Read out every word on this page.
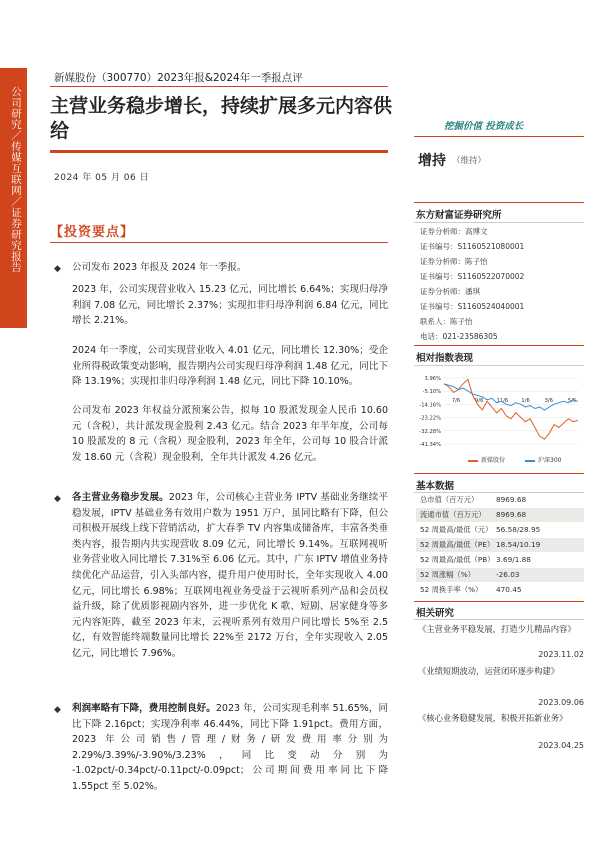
公司研究／传媒互联网／证券研究报告
新媒股份（300770）2023年报&2024年一季报点评
主营业务稳步增长，持续扩展多元内容供给
2024 年 05 月 06 日
【投资要点】
◆ 公司发布 2023 年报及 2024 年一季报。
2023 年，公司实现营业收入 15.23 亿元，同比增长 6.64%；实现归母净利润 7.08 亿元，同比增长 2.37%；实现扣非归母净利润 6.84 亿元，同比增长 2.21%。
2024 年一季度，公司实现营业收入 4.01 亿元，同比增长 12.30%；受企业所得税政策变动影响，报告期内公司实现归母净利润 1.48 亿元，同比下降 13.19%；实现扣非归母净利润 1.48 亿元，同比下降 10.10%。
公司发布 2023 年权益分派预案公告，拟每 10 股派发现金人民币 10.60 元（含税），共计派发现金股利 2.43 亿元。结合 2023 年半年度，公司每 10 股派发的 8 元（含税）现金股利，2023 年全年，公司每 10 股合计派发 18.60 元（含税）现金股利，全年共计派发 4.26 亿元。
◆ 各主营业务稳步发展。2023 年，公司核心主营业务 IPTV 基础业务继续平稳发展，IPTV 基础业务有效用户数为 1951 万户，虽同比略有下降，但公司积极开展线上线下营销活动，扩大春季 TV 内容集成储备库，丰富各类垂类内容，报告期内共实现营收 8.09 亿元，同比增长 9.14%。互联网视听业务营业收入同比增长 7.31%至 6.06 亿元。其中，广东 IPTV 增值业务持续优化产品运营，引入头部内容，提升用户使用时长，全年实现收入 4.00 亿元，同比增长 6.98%；互联网电视业务受益于云视听系列产品和会员权益升级，除了优质影视剧内容外，进一步优化 K 歌、短剧、居家健身等多元内容矩阵，截至 2023 年末，云视听系列有效用户同比增长 5%至 2.5 亿，有效智能终端数量同比增长 22%至 2172 万台，全年实现收入 2.05 亿元，同比增长 7.96%。
◆ 利润率略有下降，费用控制良好。2023 年，公司实现毛利率 51.65%，同比下降 2.16pct；实现净利率 46.44%，同比下降 1.91pct。费用方面，2023 年公司销售/管理/财务/研发费用率分别为 2.29%/3.39%/-3.90%/3.23%，同比变动分别为 -1.02pct/-0.34pct/-0.11pct/-0.09pct；公司期间费用率同比下降 1.55pct 至 5.02%。
挖掘价值 投资成长
增持 （维持）
东方财富证券研究所
证券分析师：高博文
证书编号：S1160521080001
证券分析师：陈子怡
证书编号：S1160522070002
证券分析师：潘琪
证书编号：S1160524040001
联系人：陈子怡
电话：021-23586305
相对指数表现
3.96%
-5.10%
-14.16%
-23.22%
-32.28%
-41.34%
7/6	9/6	11/6	1/6	3/6	5/6
新媒股份	沪深300
基本数据
总市值（百万元） 8969.68
流通市值（百万元） 8969.68
52 周最高/最低（元） 56.58/28.95
52 周最高/最低（PE） 18.54/10.19
52 周最高/最低（PB） 3.69/1.88
52 周涨幅（%）	-26.03
52 周换手率（%） 470.45
相关研究
《主营业务平稳发展，打造少儿精品内容》
2023.11.02
《业绩短期波动，运营闭环逐步构建》
2023.09.06
《核心业务稳健发展，积极开拓新业务》
2023.04.25
